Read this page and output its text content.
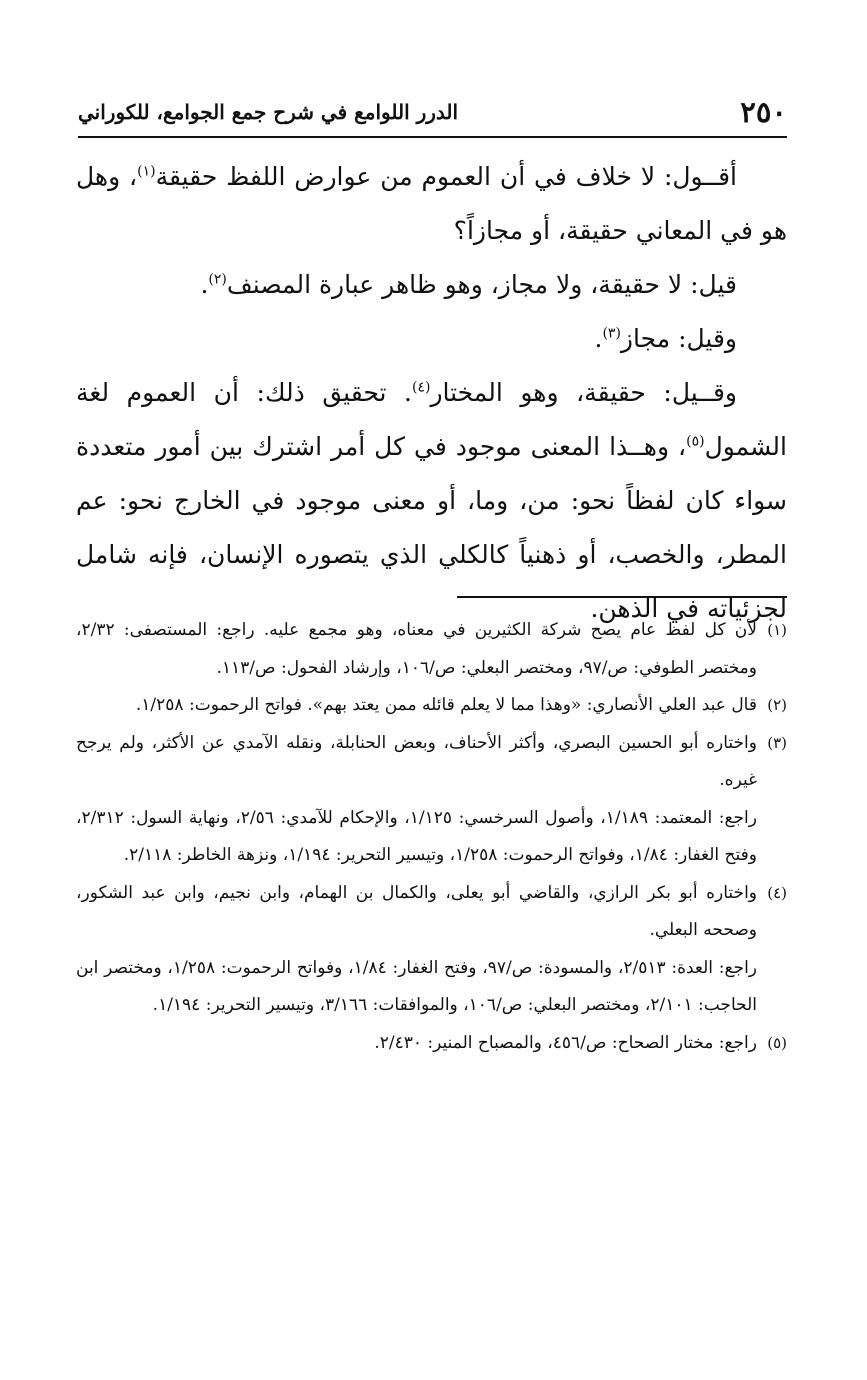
٢٥٠
الدرر اللوامع في شرح جمع الجوامع، للكوراني

أقــول: لا خلاف في أن العموم من عوارض اللفظ حقيقة$^{(١)}$، وهل هو في المعاني حقيقة، أو مجازاً؟

قيل: لا حقيقة، ولا مجاز، وهو ظاهر عبارة المصنف$^{(٢)}$.

وقيل: مجاز$^{(٣)}$.

وقــيل: حقيقة، وهو المختار$^{(٤)}$. تحقيق ذلك: أن العموم لغة الشمول$^{(٥)}$، وهــذا المعنى موجود في كل أمر اشترك بين أمور متعددة سواء كان لفظاً نحو: من، وما، أو معنى موجود في الخارج نحو: عم المطر، والخصب، أو ذهنياً كالكلي الذي يتصوره الإنسان، فإنه شامل لجزئياته في الذهن.

(١)
لأن كل لفظ عام يصح شركة الكثيرين في معناه، وهو مجمع عليه. راجع: المستصفى: ٢/٣٢، ومختصر الطوفي: ص/٩٧، ومختصر البعلي: ص/١٠٦، وإرشاد الفحول: ص/١١٣.
(٢)
قال عبد العلي الأنصاري: «وهذا مما لا يعلم قائله ممن يعتد بهم». فواتح الرحموت: ١/٢٥٨.
(٣)
واختاره أبو الحسين البصري، وأكثر الأحناف، وبعض الحنابلة، ونقله الآمدي عن الأكثر، ولم يرجح غيره.

راجع: المعتمد: ١/١٨٩، وأصول السرخسي: ١/١٢٥، والإحكام للآمدي: ٢/٥٦، ونهاية السول: ٢/٣١٢، وفتح الغفار: ١/٨٤، وفواتح الرحموت: ١/٢٥٨، وتيسير التحرير: ١/١٩٤، ونزهة الخاطر: ٢/١١٨.

(٤)
واختاره أبو بكر الرازي، والقاضي أبو يعلى، والكمال بن الهمام، وابن نجيم، وابن عبد الشكور، وصححه البعلي.

راجع: العدة: ٢/٥١٣، والمسودة: ص/٩٧، وفتح الغفار: ١/٨٤، وفواتح الرحموت: ١/٢٥٨، ومختصر ابن الحاجب: ٢/١٠١، ومختصر البعلي: ص/١٠٦، والموافقات: ٣/١٦٦، وتيسير التحرير: ١/١٩٤.

(٥)
راجع: مختار الصحاح: ص/٤٥٦، والمصباح المنير: ٢/٤٣٠.
